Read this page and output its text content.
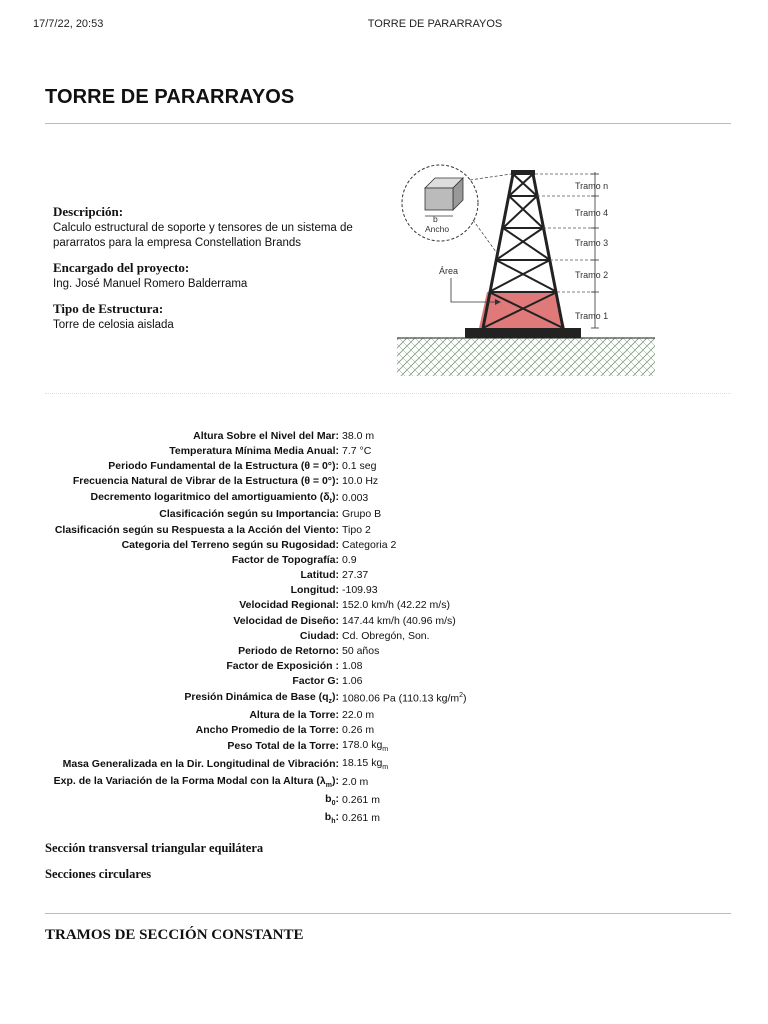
17/7/22, 20:53	TORRE DE PARARRAYOS
TORRE DE PARARRAYOS

Descripción:

Calculo estructural de soporte y tensores de un sistema de
pararratos para la empresa Constellation Brands

Encargado del proyecto:

Ing. José Manuel Romero Balderrama

Tipo de Estructura:

Torre de celosia aislada

Tramo n
Tramo 4
Tramo 3
Tramo 2
Tramo 1
Área
b
Ancho
Altura Sobre el Nivel del Mar: 38.0 m
Temperatura Mínima Media Anual: 7.7 °C
Periodo Fundamental de la Estructura (θ = 0°): 0.1 seg
Frecuencia Natural de Vibrar de la Estructura (θ = 0°): 10.0 Hz
Decremento logaritmico del amortiguamiento $(\delta_t)$: 0.003
Clasificación según su Importancia: Grupo B
Clasificación según su Respuesta a la Acción del Viento: Tipo 2
Categoria del Terreno según su Rugosidad: Categoria 2
Factor de Topografía: 0.9
Latitud: 27.37
Longitud: -109.93
Velocidad Regional: 152.0 km/h (42.22 m/s)
Velocidad de Diseño: 147.44 km/h (40.96 m/s)
Ciudad: Cd. Obregón, Son.
Periodo de Retorno: 50 años
Factor de Exposición : 1.08
Factor G: 1.06
Presión Dinámica de Base $(q_z)$: 1080.06 Pa (110.13 $kg/m^2$)
Altura de la Torre: 22.0 m
Ancho Promedio de la Torre: 0.26 m
Peso Total de la Torre: 178.0 $kg_m$
Masa Generalizada en la Dir. Longitudinal de Vibración: 18.15 $kg_m$
Exp. de la Variación de la Forma Modal con la Altura $(\lambda_m)$: 2.0 m
$b_0$: 0.261 m
$b_h$: 0.261 m

Sección transversal triangular equilátera

Secciones circulares

TRAMOS DE SECCIÓN CONSTANTE
